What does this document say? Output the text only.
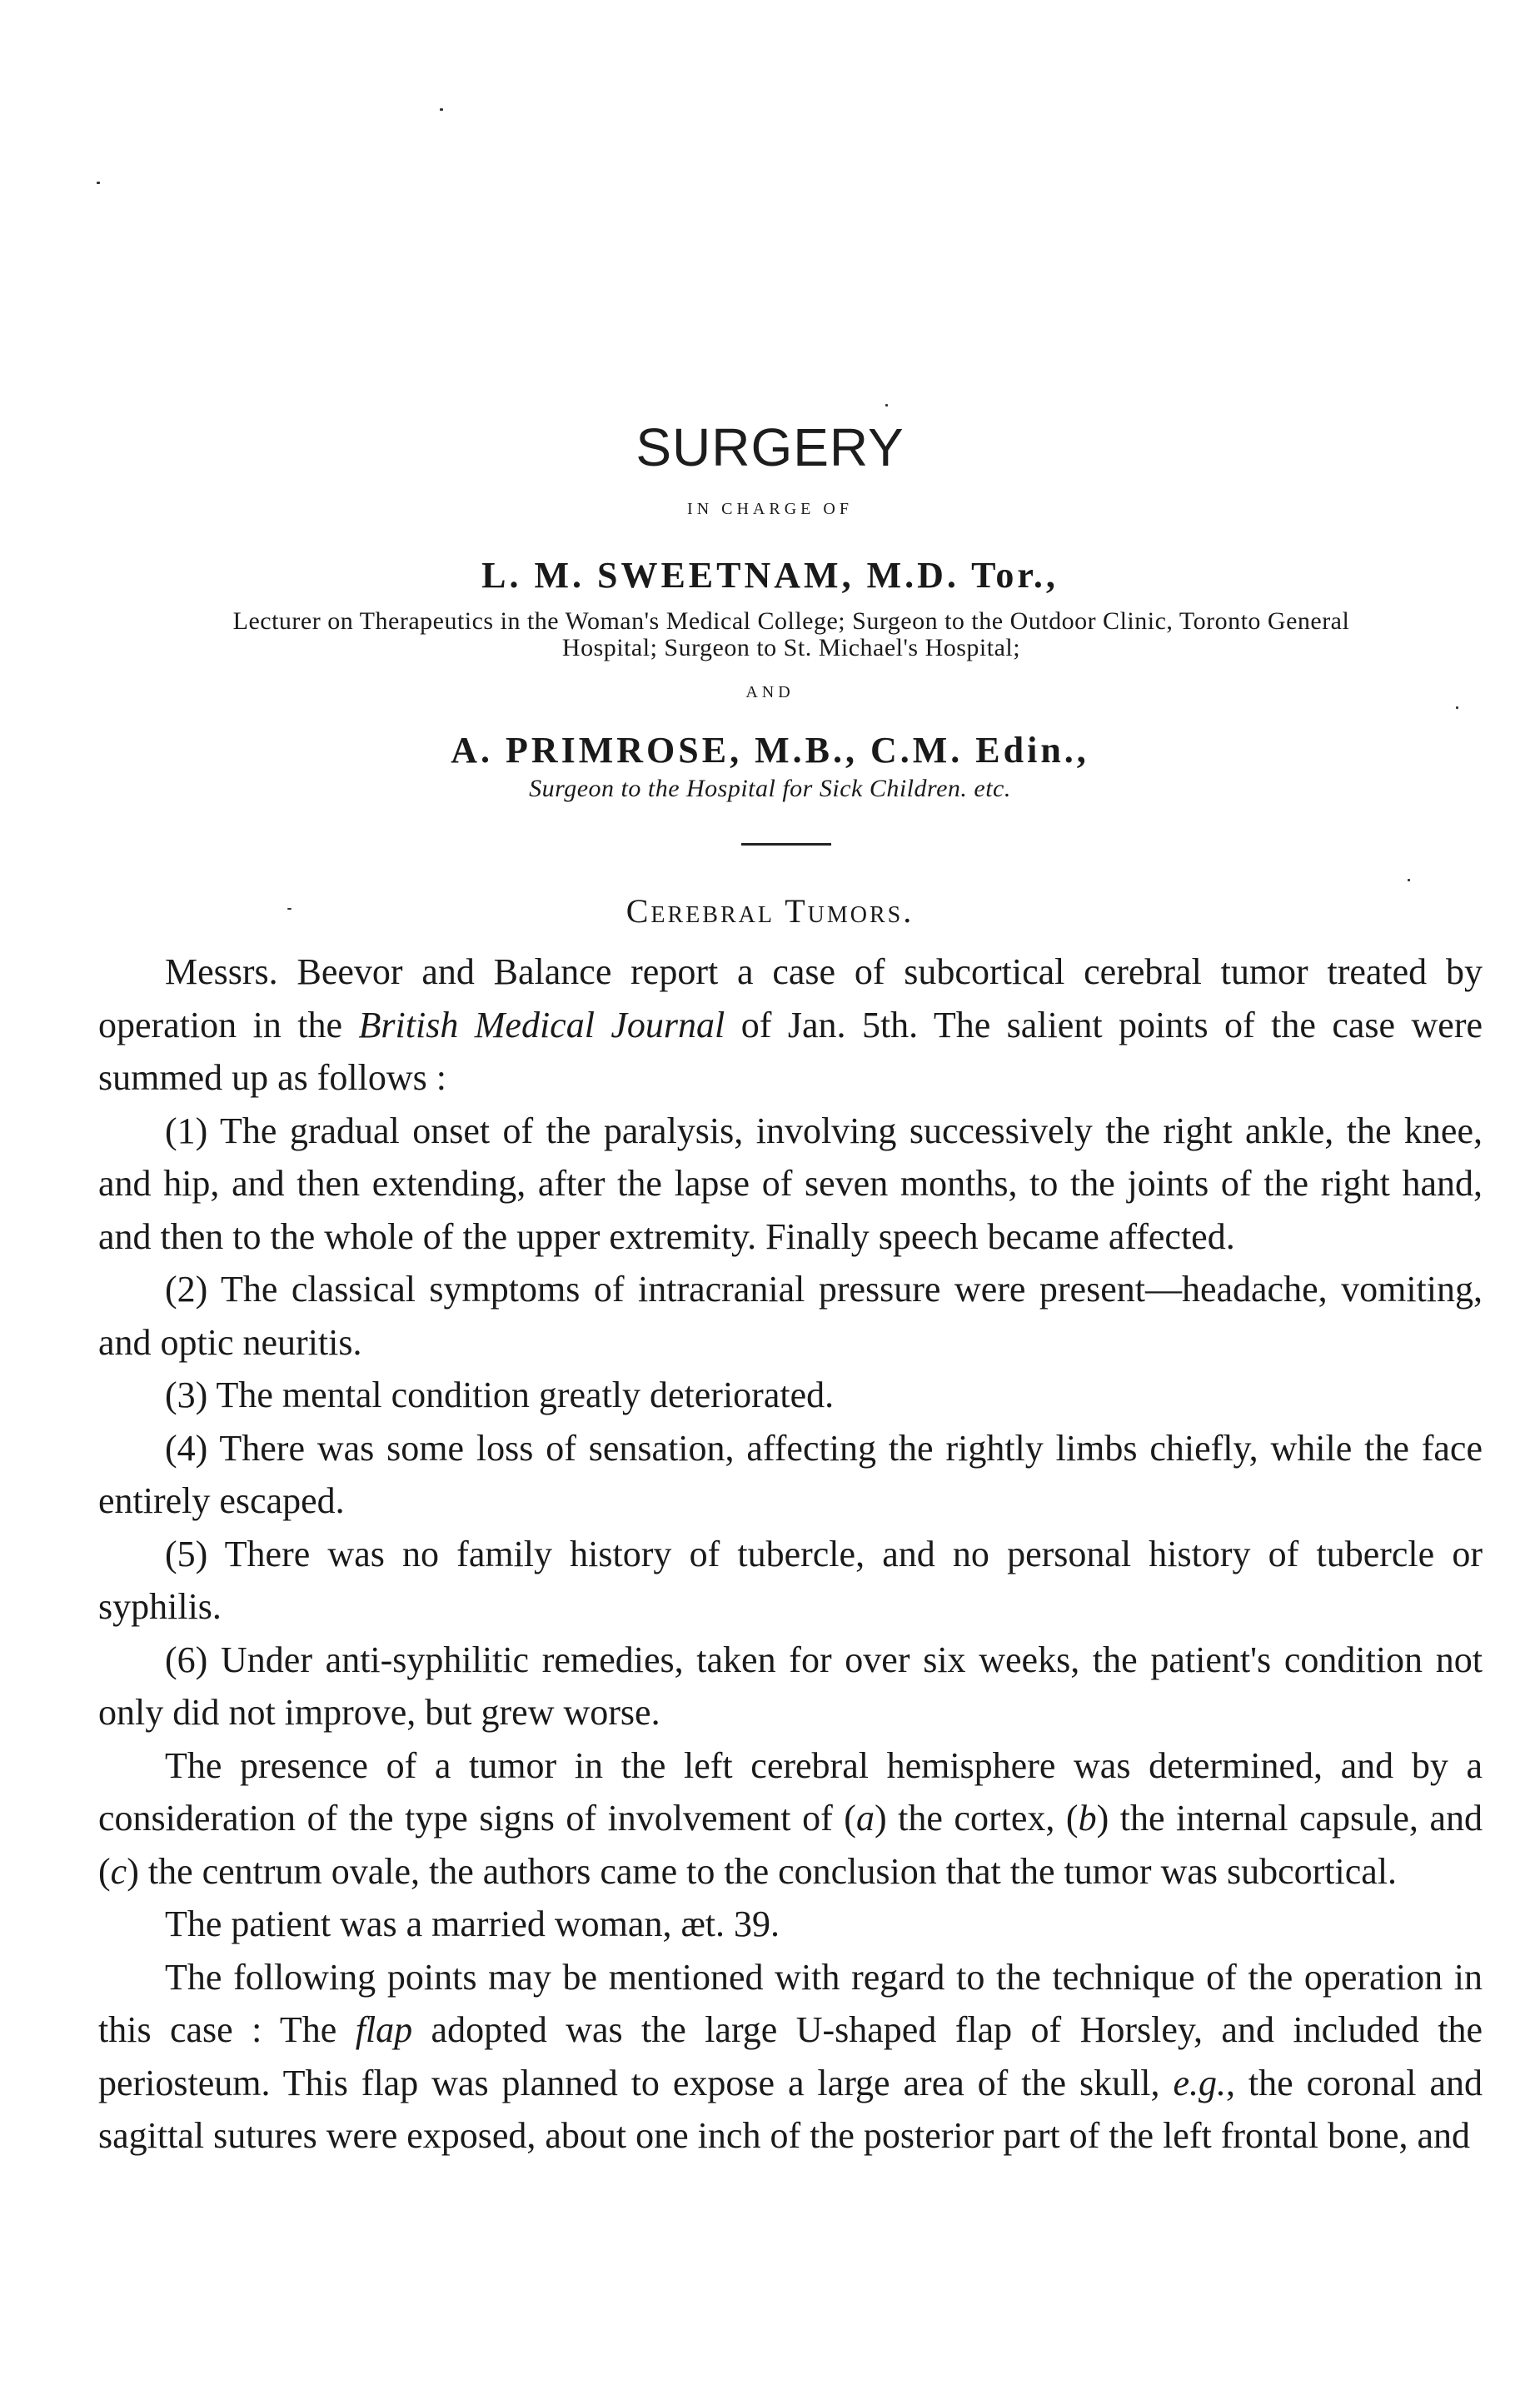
SURGERY
IN CHARGE OF
L. M. SWEETNAM, M.D. Tor.,
Lecturer on Therapeutics in the Woman's Medical College; Surgeon to the Outdoor Clinic, Toronto General Hospital; Surgeon to St. Michael's Hospital;
AND
A. PRIMROSE, M.B., C.M. Edin.,
Surgeon to the Hospital for Sick Children. etc.
Cerebral Tumors.

Messrs. Beevor and Balance report a case of subcortical cerebral tumor treated by operation in the British Medical Journal of Jan. 5th. The salient points of the case were summed up as follows :

(1) The gradual onset of the paralysis, involving successively the right ankle, the knee, and hip, and then extending, after the lapse of seven months, to the joints of the right hand, and then to the whole of the upper extremity. Finally speech became affected.

(2) The classical symptoms of intracranial pressure were present—headache, vomiting, and optic neuritis.

(3) The mental condition greatly deteriorated.

(4) There was some loss of sensation, affecting the rightly limbs chiefly, while the face entirely escaped.

(5) There was no family history of tubercle, and no personal history of tubercle or syphilis.

(6) Under anti-syphilitic remedies, taken for over six weeks, the patient's condition not only did not improve, but grew worse.

The presence of a tumor in the left cerebral hemisphere was determined, and by a consideration of the type signs of involvement of (a) the cortex, (b) the internal capsule, and (c) the centrum ovale, the authors came to the conclusion that the tumor was subcortical.

The patient was a married woman, æt. 39.

The following points may be mentioned with regard to the technique of the operation in this case : The flap adopted was the large U-shaped flap of Horsley, and included the periosteum. This flap was planned to expose a large area of the skull, e.g., the coronal and sagittal sutures were exposed, about one inch of the posterior part of the left frontal bone, and
